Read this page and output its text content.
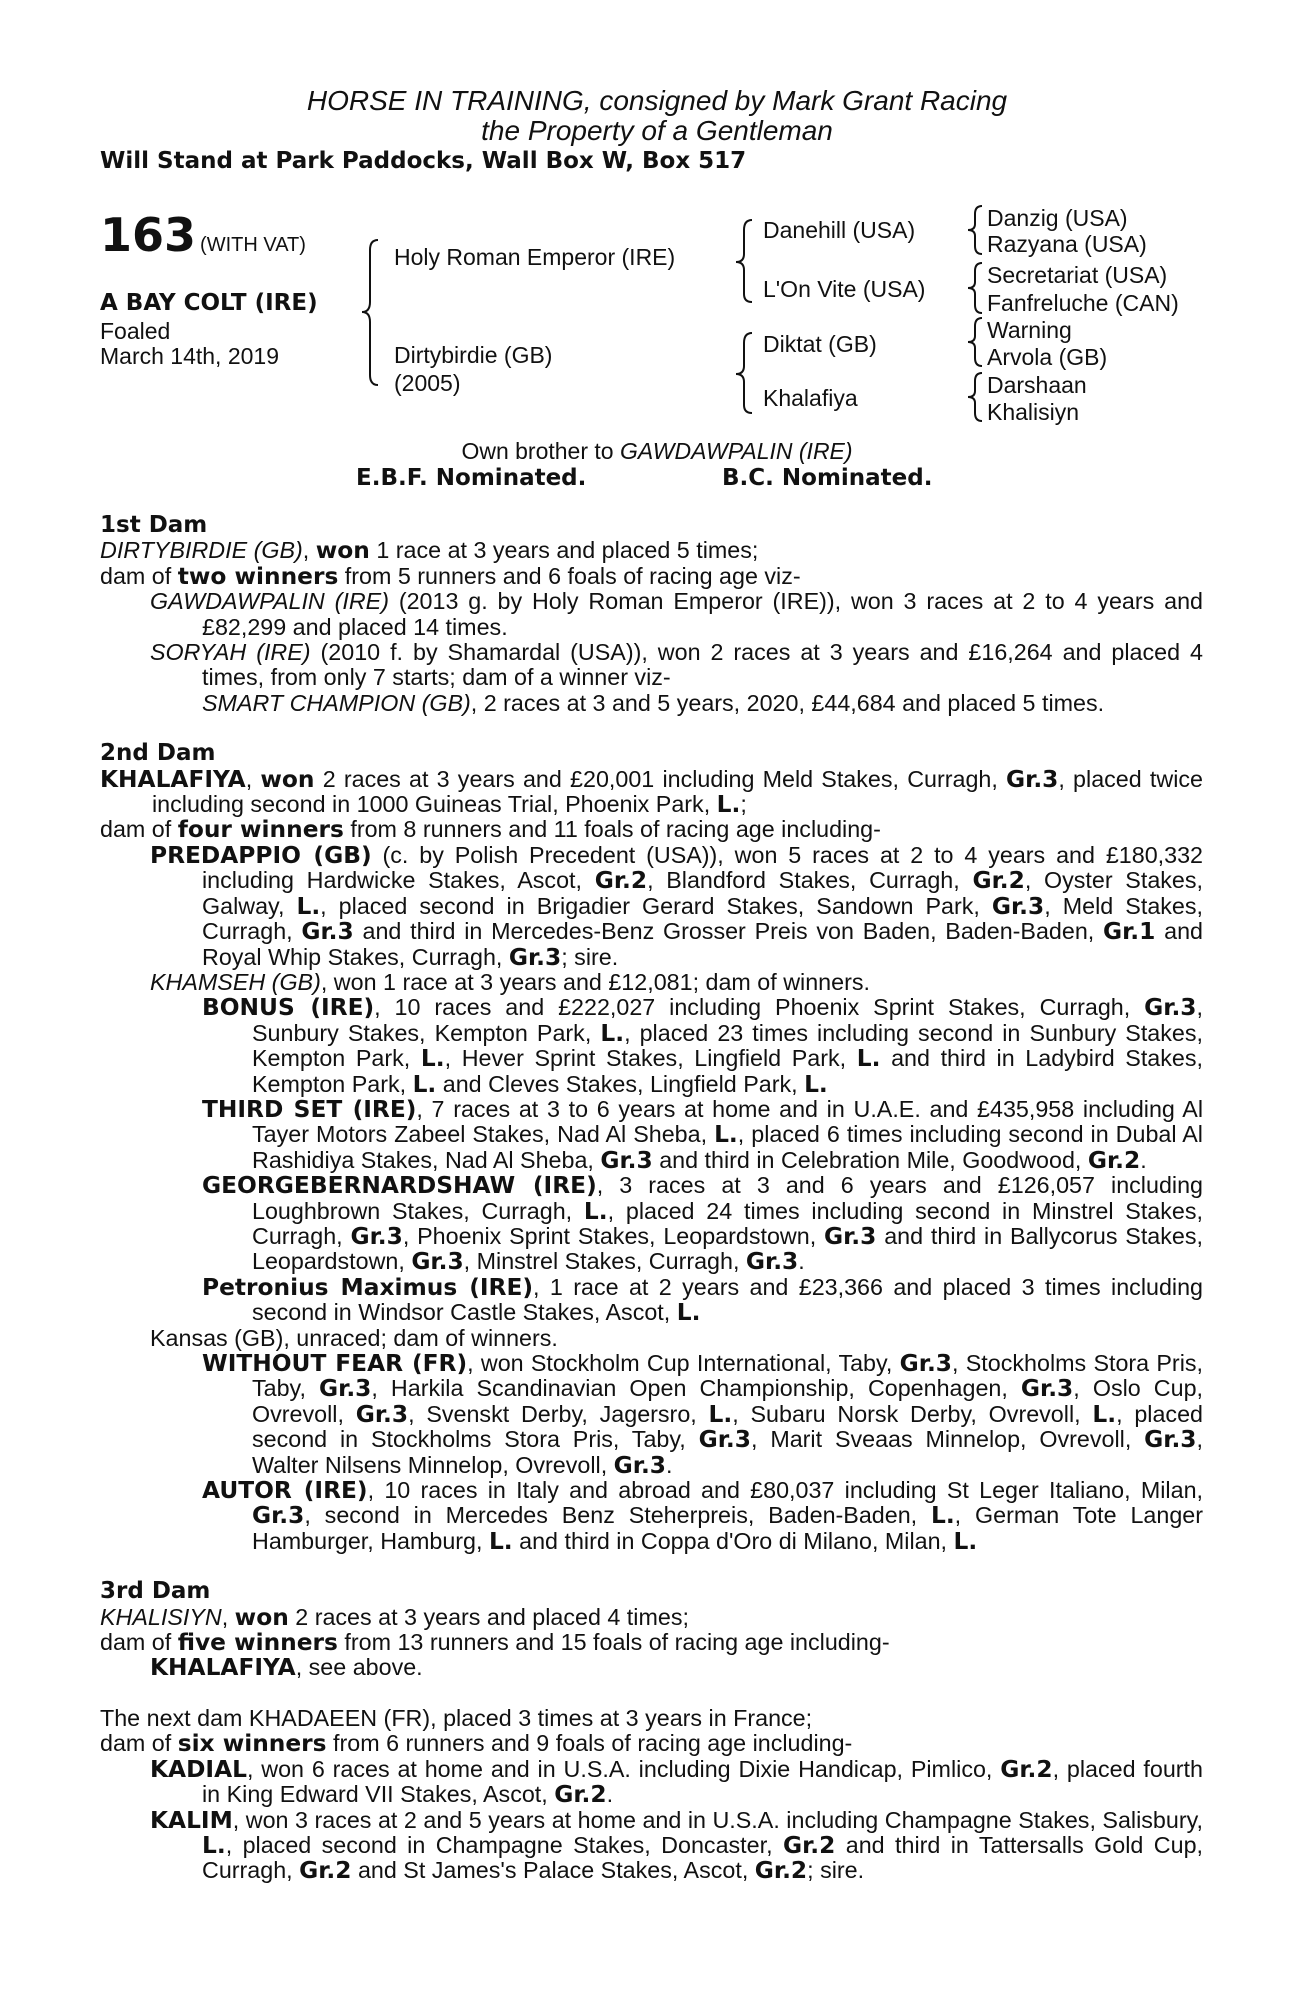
HORSE IN TRAINING, consigned by Mark Grant Racing
the Property of a Gentleman
Will Stand at Park Paddocks, Wall Box W, Box 517
163 (WITH VAT)
A BAY COLT (IRE)
Foaled
March 14th, 2019
Holy Roman Emperor (IRE)
Dirtybirdie (GB)
(2005)
Danehill (USA)
L'On Vite (USA)
Diktat (GB)
Khalafiya
Danzig (USA)
Razyana (USA)
Secretariat (USA)
Fanfreluche (CAN)
Warning
Arvola (GB)
Darshaan
Khalisiyn
Own brother to GAWDAWPALIN (IRE)
E.B.F. Nominated.	B.C. Nominated.

1st Dam

DIRTYBIRDIE (GB), won 1 race at 3 years and placed 5 times;

dam of two winners from 5 runners and 6 foals of racing age viz-

GAWDAWPALIN (IRE) (2013 g. by Holy Roman Emperor (IRE)), won 3 races at 2 to 4 years and £82,299 and placed 14 times.

SORYAH (IRE) (2010 f. by Shamardal (USA)), won 2 races at 3 years and £16,264 and placed 4 times, from only 7 starts; dam of a winner viz-

SMART CHAMPION (GB), 2 races at 3 and 5 years, 2020, £44,684 and placed 5 times.

2nd Dam

KHALAFIYA, won 2 races at 3 years and £20,001 including Meld Stakes, Curragh, Gr.3, placed twice including second in 1000 Guineas Trial, Phoenix Park, L.;

dam of four winners from 8 runners and 11 foals of racing age including-

PREDAPPIO (GB) (c. by Polish Precedent (USA)), won 5 races at 2 to 4 years and £180,332 including Hardwicke Stakes, Ascot, Gr.2, Blandford Stakes, Curragh, Gr.2, Oyster Stakes, Galway, L., placed second in Brigadier Gerard Stakes, Sandown Park, Gr.3, Meld Stakes, Curragh, Gr.3 and third in Mercedes-Benz Grosser Preis von Baden, Baden-Baden, Gr.1 and Royal Whip Stakes, Curragh, Gr.3; sire.

KHAMSEH (GB), won 1 race at 3 years and £12,081; dam of winners.

BONUS (IRE), 10 races and £222,027 including Phoenix Sprint Stakes, Curragh, Gr.3, Sunbury Stakes, Kempton Park, L., placed 23 times including second in Sunbury Stakes, Kempton Park, L., Hever Sprint Stakes, Lingfield Park, L. and third in Ladybird Stakes, Kempton Park, L. and Cleves Stakes, Lingfield Park, L.

THIRD SET (IRE), 7 races at 3 to 6 years at home and in U.A.E. and £435,958 including Al Tayer Motors Zabeel Stakes, Nad Al Sheba, L., placed 6 times including second in Dubal Al Rashidiya Stakes, Nad Al Sheba, Gr.3 and third in Celebration Mile, Goodwood, Gr.2.

GEORGEBERNARDSHAW (IRE), 3 races at 3 and 6 years and £126,057 including Loughbrown Stakes, Curragh, L., placed 24 times including second in Minstrel Stakes, Curragh, Gr.3, Phoenix Sprint Stakes, Leopardstown, Gr.3 and third in Ballycorus Stakes, Leopardstown, Gr.3, Minstrel Stakes, Curragh, Gr.3.

Petronius Maximus (IRE), 1 race at 2 years and £23,366 and placed 3 times including second in Windsor Castle Stakes, Ascot, L.

Kansas (GB), unraced; dam of winners.

WITHOUT FEAR (FR), won Stockholm Cup International, Taby, Gr.3, Stockholms Stora Pris, Taby, Gr.3, Harkila Scandinavian Open Championship, Copenhagen, Gr.3, Oslo Cup, Ovrevoll, Gr.3, Svenskt Derby, Jagersro, L., Subaru Norsk Derby, Ovrevoll, L., placed second in Stockholms Stora Pris, Taby, Gr.3, Marit Sveaas Minnelop, Ovrevoll, Gr.3, Walter Nilsens Minnelop, Ovrevoll, Gr.3.

AUTOR (IRE), 10 races in Italy and abroad and £80,037 including St Leger Italiano, Milan, Gr.3, second in Mercedes Benz Steherpreis, Baden-Baden, L., German Tote Langer Hamburger, Hamburg, L. and third in Coppa d'Oro di Milano, Milan, L.

3rd Dam

KHALISIYN, won 2 races at 3 years and placed 4 times;

dam of five winners from 13 runners and 15 foals of racing age including-

KHALAFIYA, see above.

The next dam KHADAEEN (FR), placed 3 times at 3 years in France;

dam of six winners from 6 runners and 9 foals of racing age including-

KADIAL, won 6 races at home and in U.S.A. including Dixie Handicap, Pimlico, Gr.2, placed fourth in King Edward VII Stakes, Ascot, Gr.2.

KALIM, won 3 races at 2 and 5 years at home and in U.S.A. including Champagne Stakes, Salisbury, L., placed second in Champagne Stakes, Doncaster, Gr.2 and third in Tattersalls Gold Cup, Curragh, Gr.2 and St James's Palace Stakes, Ascot, Gr.2; sire.
